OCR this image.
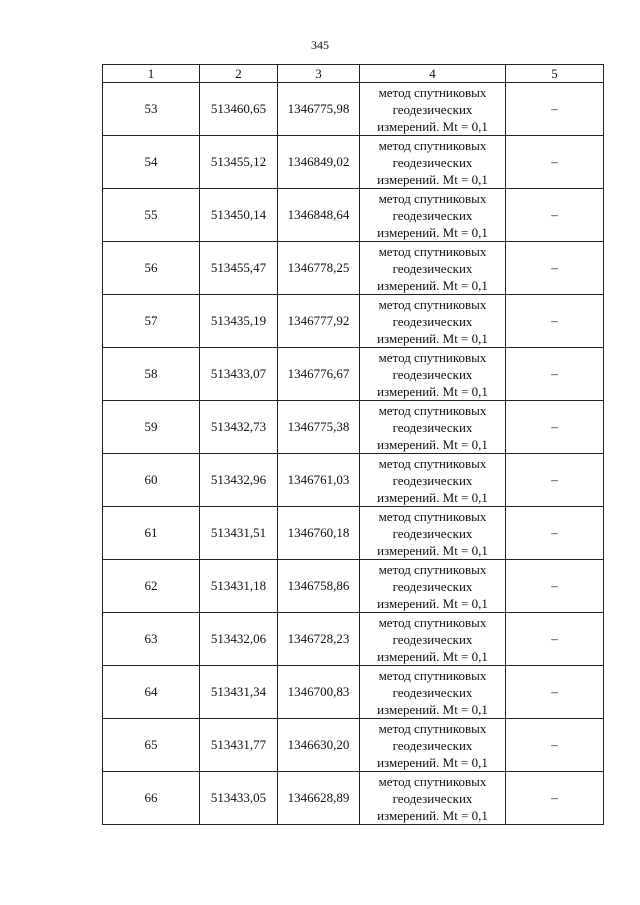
345
1	2	3	4	5
53	513460,65	1346775,98	метод спутниковых
геодезических
измерений. Mt = 0,1	–
54	513455,12	1346849,02	метод спутниковых
геодезических
измерений. Mt = 0,1	–
55	513450,14	1346848,64	метод спутниковых
геодезических
измерений. Mt = 0,1	–
56	513455,47	1346778,25	метод спутниковых
геодезических
измерений. Mt = 0,1	–
57	513435,19	1346777,92	метод спутниковых
геодезических
измерений. Mt = 0,1	–
58	513433,07	1346776,67	метод спутниковых
геодезических
измерений. Mt = 0,1	–
59	513432,73	1346775,38	метод спутниковых
геодезических
измерений. Mt = 0,1	–
60	513432,96	1346761,03	метод спутниковых
геодезических
измерений. Mt = 0,1	–
61	513431,51	1346760,18	метод спутниковых
геодезических
измерений. Mt = 0,1	–
62	513431,18	1346758,86	метод спутниковых
геодезических
измерений. Mt = 0,1	–
63	513432,06	1346728,23	метод спутниковых
геодезических
измерений. Mt = 0,1	–
64	513431,34	1346700,83	метод спутниковых
геодезических
измерений. Mt = 0,1	–
65	513431,77	1346630,20	метод спутниковых
геодезических
измерений. Mt = 0,1	–
66	513433,05	1346628,89	метод спутниковых
геодезических
измерений. Mt = 0,1	–
